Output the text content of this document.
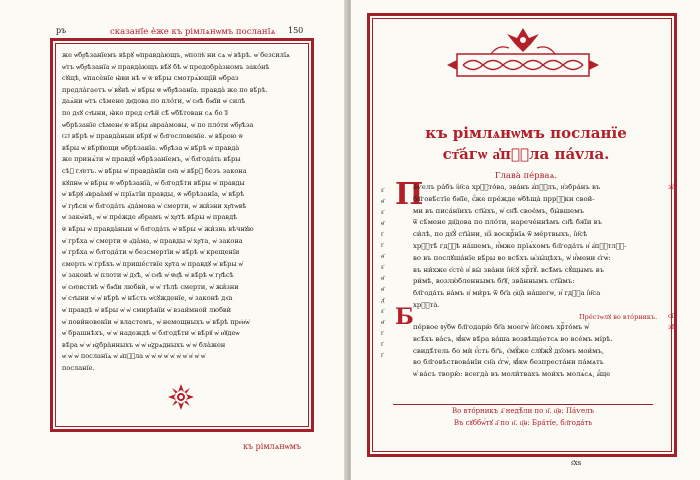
ръ	сказанїе ѐже къ рімлѧнѡмъ посланїѧ 150
же ѡ҆бр҃ѣзанїемъ вѣрꙋ ѡ҆правда̀ющъ, ѡ҆полѣ҆ ни сѧ ѡ҆ вѣрѣ. ѡ҆ безсилїѧ
ѡ҆тъ ѡ҆бр҃ѣзанїа ѡ҆ правда̀ющъ вѣ́ꙋ бѣ ѡ҆ предобра̀зномъ зако́нѣ
сꙋщѣ, ѡ҆пасѐнїе ꙗ҆ви нѣ ѡ҆ ѿ вѣ́ры смотрѧ̀ющїй ѡ҆браз
предла̀гаетъ ѡ҆ вꙋ̀нѣ ѡ҆ вѣ́ры ѿ ѡ҆бр҃ѣзанїа. правда̀ же по вѣ́рѣ.
даѧ̀ни ѡ҆тъ сѣмене дв҃дова по пло́ти, ѡ҆ сн҃ѣ бж҃їи ѡ҆ силѣ
по дх҃ꙋ ст҃ыни, ꙗ҆ко пред ст҃ѣй сѣ̑ ѡ҆бѣ́тован сѧ бо з꙯
ѡ҆брѣзанїе сѣмене҆ ѿ вѣ́ры а҆враа̀мовы, ѡ҆ по пло́ти ѡ҆бр҃ѣза
Ѡ҆ вѣ́рѣ ѡ҆ правда̀ныи вѣ́рꙋ ѡ҆ бл҃гословенїе. ѡ҆ вѣ́рою ѿ
вѣ́ры ѡ҆ вѣ́рꙋющи ѡ҆брѣзанїа. ѡ҆бр҃ѣза ѡ҆ вѣ́рѣ ѡ҆ правда̀
же принѧ̀ти ѡ҆ правдꙋ̀ ѡ҆брѣзанїемъ, ѡ҆ бл҃года́ть вѣ́ры
сѣ꙽ гл҃етъ. ѡ҆ вѣ́ры ѡ҆ правда̀нїи сн҃а ѡ҆ вѣ́рꙋ безъ закона
кꙋпнѡ ѡ҆ вѣ́ры ѿ ѡ҆брѣзанїа̀, ѡ҆ бл҃годѣ́ти вѣ́ры ѡ҆ правды
ѡ҆ вѣ́рꙋ а҆враа̀мꙋ ѡ҆ прїѧтїи правды, ѿ ѡ҆брѣзанїа, ѡ҆ вѣ́рѣ
ѡ҆ гр҃ѣси ѡ҆ бл҃года́ть а҆да́мова ѡ҆ смерти, ѡ҆ жи́зни хр҃тѡвѣ
ѡ҆ закѡ̀нѣ, ѡ҆ ѡ҆ пре́жде а҆брамъ ѡ҆ хр҃тѣ вѣ́ры ѡ҆ правдѣ
ѿ вѣ́ры ѡ҆ правда̀ныи ѡ҆ бл҃года́ть ѡ҆ вѣ́ры ѡ҆ жи́знь вѣчнꙋю
ѡ҆ грѣ́ха ѡ҆ смерти ѿ а҆да́ма, ѡ҆ правды ѡ҆ хр҃та, ѡ҆ закона
ѡ҆ грѣ́ха ѡ҆ бл҃года́ти ѡ҆ безсмертїи ѡ҆ вѣ́рѣ ѡ҆ крещенїи
смерть ѡ҆ грѣ́хъ ѡ҆ прише́ствїе хр҃та ѡ҆ правдꙋ ѡ҆ вѣ́ры ѡ҆
ѡ҆ законѣ ѡ҆ плоти ѡ҆ дх҃ѣ, ѡ҆ сн҃ѣ ѡ҆ ѿц҃ѣ ѡ҆ вѣ́рѣ ѡ҆ гр҃ѣсѣ
ѡ҆ сн҃овствѣ ѡ҆ бж҃їи любвѝ, ѡ҆ ѡ҆ тѣлѣ смерти, ѡ҆ жи́зни
ѡ҆ ст҃ыни ѡ҆ ѡ҆ вѣ́рѣ ѡ҆ нѣ́сть ѡ҆сꙋжденїе, ѡ҆ законѣ дх҃а
ѡ҆ правдѣ ѡ҆ вѣ́ры ѡ҆ ѡ҆ смирѣнїи ѡ҆ взаи́мной любвѝ
ѡ҆ пови́новенїи ѡ҆ властемъ, ѡ҆ немощныхъ ѡ҆ вѣ́рѣ пре҆и҆ѡ҆
ѡ҆ брашнѣхъ, ѡ҆ ѡ҆ надеждѣ ѡ҆ бл҃годѣ́ти ѡ҆ вѣ́рꙋ ѡ҆ и҆ꙋдеѡ
вѣ́ра ѡ҆ ѡ҆ и҆ꙁбра̀нныхъ ѡ҆ ѡ҆ и҆ꙁрѧдныхъ ѡ҆ ѡ҆ бла̀жен
ѡ҆ ѡ҆ ѡ҆ посланїѧ ѡ҆ а҆пⷭ҇ла ѡ҆ ѡ҆ ѡ҆ ѡ҆ ѡ҆ ѡ҆ ѡ҆ и҆ ѡ҆ ѡ҆
посланїе.
къ рімлѧнѡмъ
къ рімлѧнѡмъ посланїе
ст҃а́гѡ а҆пⷭ҇ла па́vла.
Глава̀ пе́рваѧ.
П
а́ѵелъ ра́бъ і҆и҃са хрⷭ҇то́ва, зва́нъ а҆пⷭ҇лъ, и҆збра́нъ въ
бл҃говѣ́стїе бж҃їе, є҆́же пре́жде ѡ҆бѣща̀ пррⷪ҇ки свои̑-
ми въ писа́нїихъ ст҃ы́хъ, ѡ҆ сн҃ѣ̀ свое́мъ, бы́вшемъ
ѿ сѣ́мене дв҃дова по пло́ти, нарече́ннѣмъ сн҃ѣ бж҃їи въ
си́лѣ, по дх҃ꙋ̀ ст҃ы́ни, и҆з̾ воскрⷭ҇нїѧ ѿ ме́ртвыхъ, і҆и҃сѣ
хрⷭ҇тѣ̀ гдⷭ҇ѣ на́шемъ, и҆́мже прїѧ́хомъ бл҃года́ть и҆ а҆пⷭ҇тлⷭ҇-
во въ послꙋша́нїе вѣ́ры во всѣ́хъ ѩ҆зы́цѣхъ, ѡ҆ и҆́мени є҆гѡ̀:
въ ни́хже є҆стѐ и҆ вы̀ зва́ни і҆и҃сꙋ хрⷭ҇тꙋ̀. всѣ̑мъ сꙋ́щымъ въ
ри́мѣ, возлю́бленнымъ бг҃ꙋ, зва̑ннымъ ст҃ы̑мъ:
бл҃года́ть ва́мъ и҆ ми́ръ ѿ бг҃а ѻ҆ц҃а̀ на́шегѡ, и҆ гдⷭ҇а і҆и҃са
хрⷭ҇та̀.
Пре́стѡлꙋ во вто́рникъ.
Б пе́рвое ᲂу҆́бѡ бл҃годарю̀ бг҃а моегѡ̀ і҆и҃сомъ хрⷭ҇то́мъ ѡ҆
всѣ́хъ ва́съ, ꙗ҆́кѡ вѣ́ра ва́ша возвѣща́етсѧ во все́мъ мі́рѣ.
свидѣ́тель бо мѝ є҆́сть бг҃ъ, є҆мꙋ́же слꙋжꙋ̀ дх҃омъ мои́мъ,
во бл҃говѣствова́нїи сн҃а є҆гѡ̀, ꙗ҆́кѡ безпреста́ни па́мѧть
ѡ҆ ва́съ творю̀: всегда̀ въ моли́твахъ мои́хъ молѧ́сѧ, а҆́ще
Во вто́рникъ а҃ недѣ́ли по н҃. ц҃ѳ: Па́ѵелъ
Въ сꙋббѡ́тꙋ а҃ по н҃. ц҃ѳ: Бра́тїе, бл҃года́ть
ѕ҃
ѳ҃
ѕ҃
ѳ҃
і҃
і҃
ѳ҃
ѕ҃
ѳ҃
ѳ҃
д҃
ѕ҃
ѳ҃
і҃
і҃
і҃
за̀
сі̑
зѣ̑
ѕ҃хѕ
